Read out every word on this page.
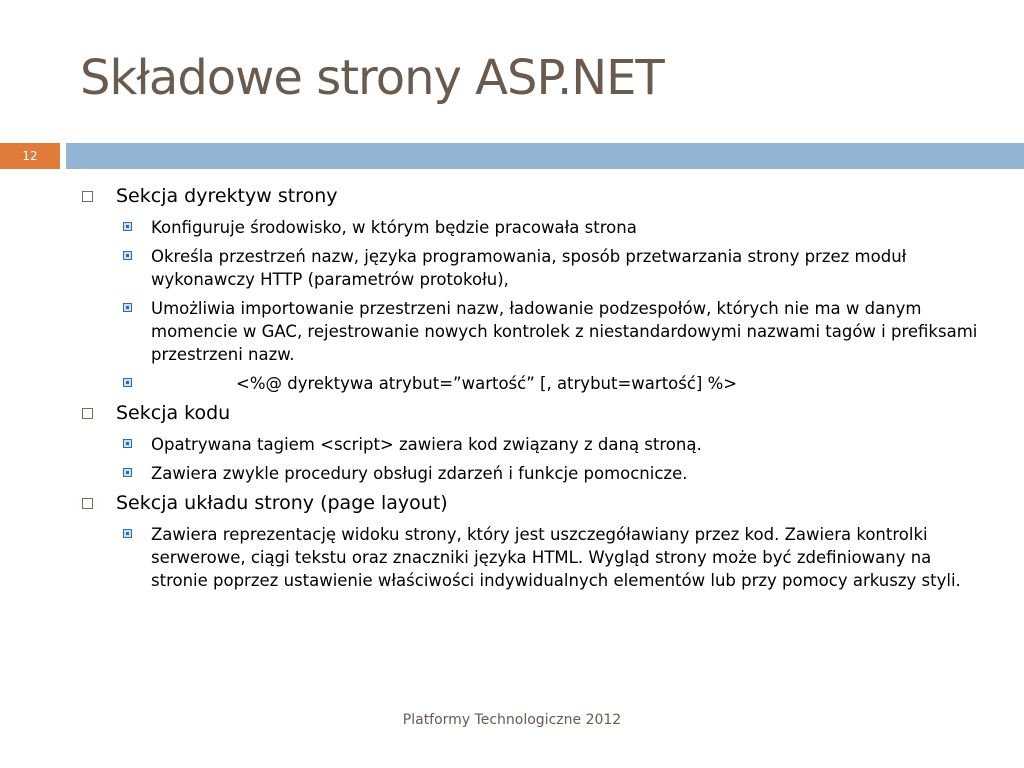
Składowe strony ASP.NET
12
Sekcja dyrektyw strony
Konfiguruje środowisko, w którym będzie pracowała strona
Określa przestrzeń nazw, języka programowania, sposób przetwarzania strony przez moduł wykonawczy HTTP (parametrów protokołu),
Umożliwia importowanie przestrzeni nazw, ładowanie podzespołów, których nie ma w danym momencie w GAC, rejestrowanie nowych kontrolek z niestandardowymi nazwami tagów i prefiksami przestrzeni nazw.
<%@ dyrektywa atrybut=”wartość” [, atrybut=wartość] %>
Sekcja kodu
Opatrywana tagiem <script> zawiera kod związany z daną stroną.
Zawiera zwykle procedury obsługi zdarzeń i funkcje pomocnicze.
Sekcja układu strony (page layout)
Zawiera reprezentację widoku strony, który jest uszczegóławiany przez kod. Zawiera kontrolki serwerowe, ciągi tekstu oraz znaczniki języka HTML. Wygląd strony może być zdefiniowany na stronie poprzez ustawienie właściwości indywidualnych elementów lub przy pomocy arkuszy styli.
Platformy Technologiczne 2012
